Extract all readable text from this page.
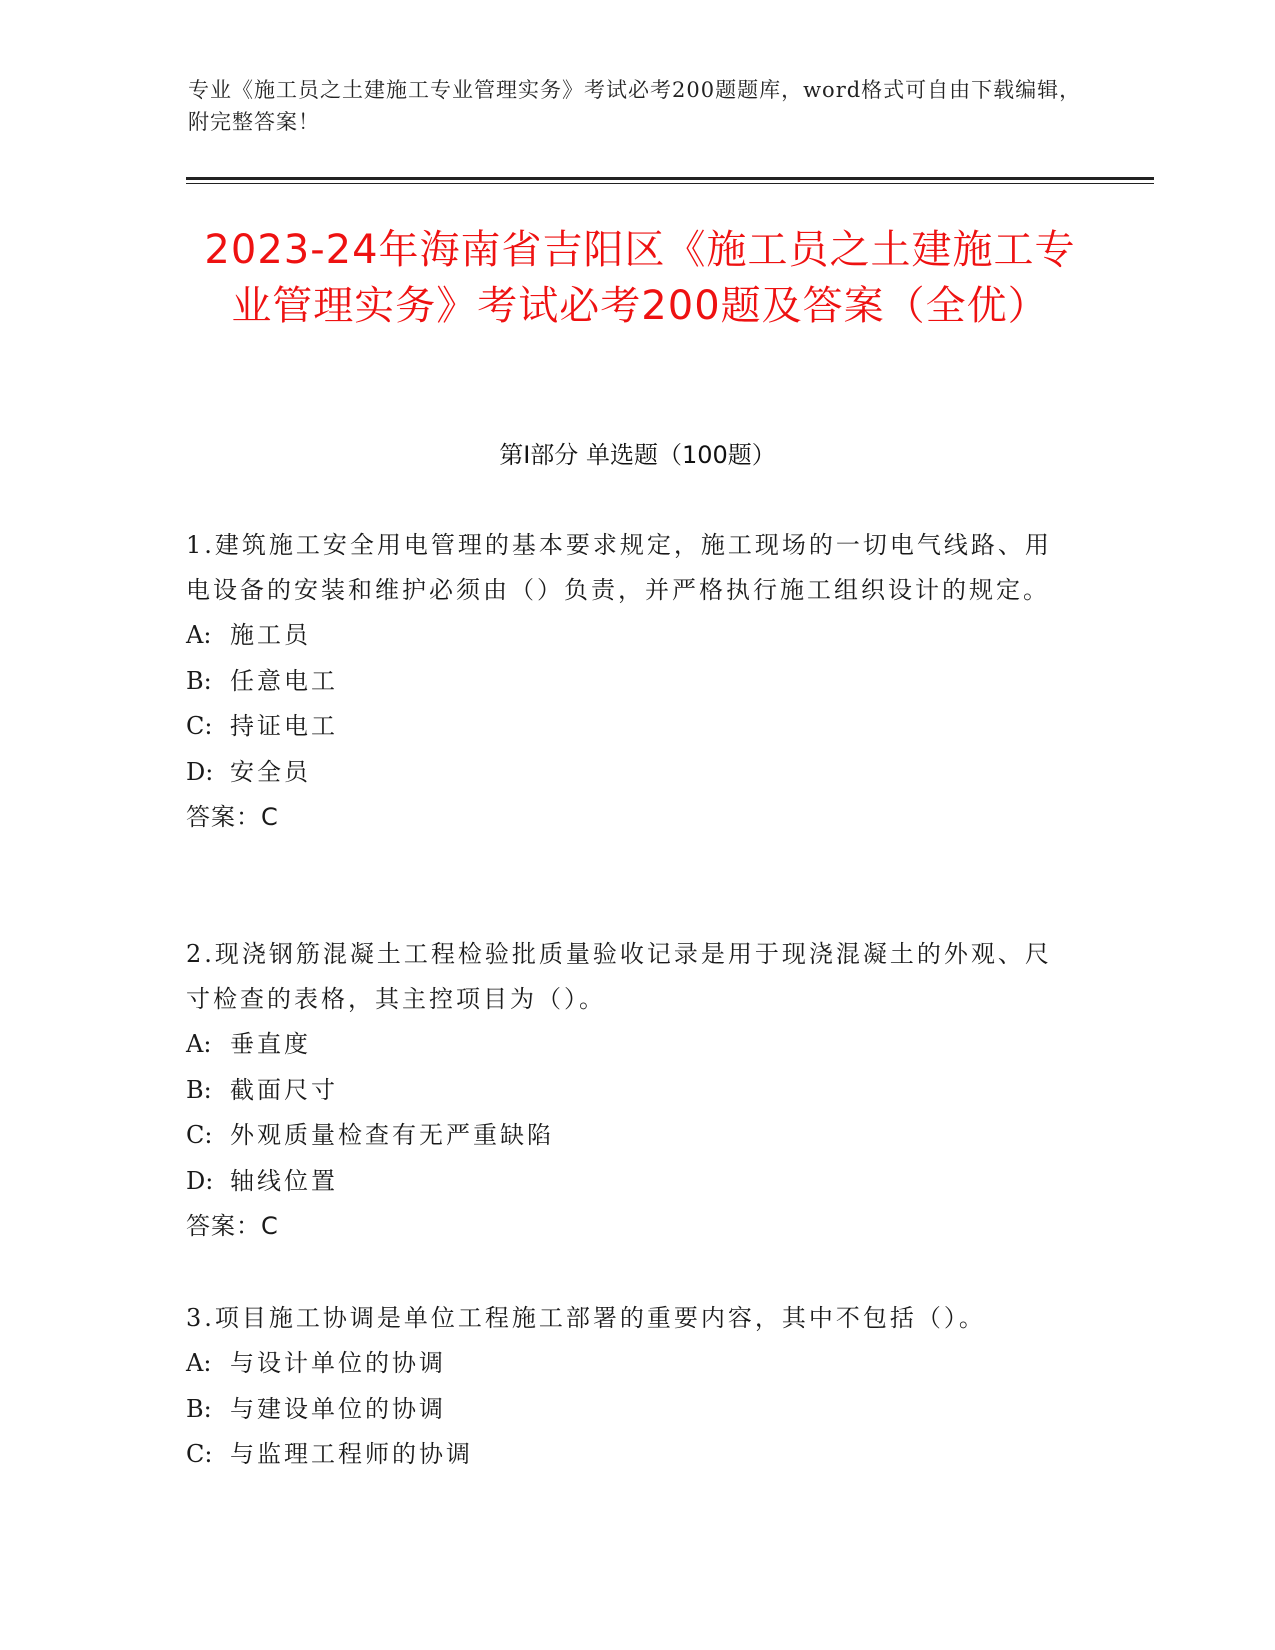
专业《施工员之土建施工专业管理实务》考试必考200题题库，word格式可自由下载编辑，附完整答案！
2023-24年海南省吉阳区《施工员之土建施工专业管理实务》考试必考200题及答案（全优）
第Ⅰ部分 单选题（100题）

1.建筑施工安全用电管理的基本要求规定，施工现场的一切电气线路、用电设备的安装和维护必须由（）负责，并严格执行施工组织设计的规定。

A: 施工员

B: 任意电工

C: 持证电工

D: 安全员

答案：C

2.现浇钢筋混凝土工程检验批质量验收记录是用于现浇混凝土的外观、尺寸检查的表格，其主控项目为（）。

A: 垂直度

B: 截面尺寸

C: 外观质量检查有无严重缺陷

D: 轴线位置

答案：C

3.项目施工协调是单位工程施工部署的重要内容，其中不包括（）。

A: 与设计单位的协调

B: 与建设单位的协调

C: 与监理工程师的协调
